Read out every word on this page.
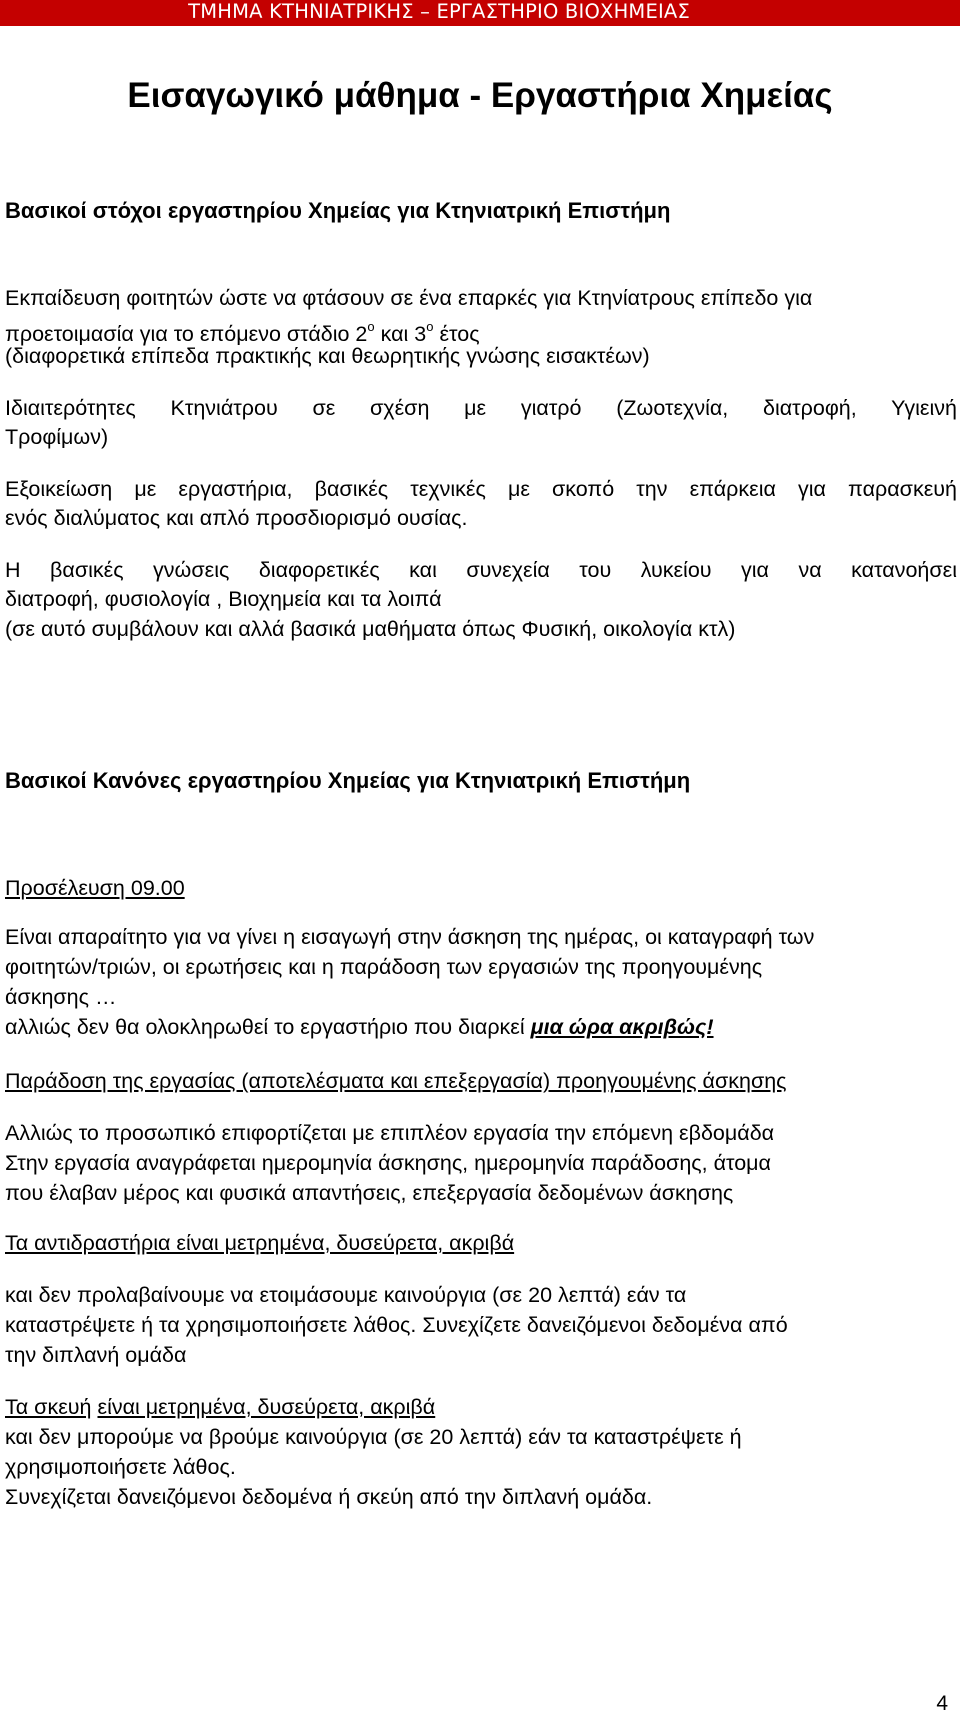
ΤΜΗΜΑ ΚΤΗΝΙΑΤΡΙΚΗΣ – ΕΡΓΑΣΤΗΡΙΟ ΒΙΟΧΗΜΕΙΑΣ
Εισαγωγικό μάθημα - Εργαστήρια Χημείας
Βασικοί στόχοι εργαστηρίου Χημείας για Κτηνιατρική Επιστήμη
Εκπαίδευση φοιτητών ώστε να φτάσουν σε ένα επαρκές για Κτηνίατρους επίπεδο για
προετοιμασία για το επόμενο στάδιο $2^o$ και $3^o$ έτος
(διαφορετικά επίπεδα πρακτικής και θεωρητικής γνώσης εισακτέων)
Ιδιαιτερότητες Κτηνιάτρου σε σχέση με γιατρό (Ζωοτεχνία, διατροφή, Υγιεινή
Τροφίμων)
Εξοικείωση με εργαστήρια, βασικές τεχνικές με σκοπό την επάρκεια για παρασκευή
ενός διαλύματος και απλό προσδιορισμό ουσίας.
Η βασικές γνώσεις διαφορετικές και συνεχεία του λυκείου για να κατανοήσει
διατροφή, φυσιολογία , Βιοχημεία και τα λοιπά
(σε αυτό συμβάλουν και αλλά βασικά μαθήματα όπως Φυσική, οικολογία κτλ)
Βασικοί Κανόνες εργαστηρίου Χημείας για Κτηνιατρική Επιστήμη
Προσέλευση 09.00
Είναι απαραίτητο για να γίνει η εισαγωγή στην άσκηση της ημέρας, οι καταγραφή των
φοιτητών/τριών, οι ερωτήσεις και η παράδοση των εργασιών της προηγουμένης
άσκησης …
αλλιώς δεν θα ολοκληρωθεί το εργαστήριο που διαρκεί μια ώρα ακριβώς!
Παράδοση της εργασίας (αποτελέσματα και επεξεργασία) προηγουμένης άσκησης
Αλλιώς το προσωπικό επιφορτίζεται με επιπλέον εργασία την επόμενη εβδομάδα
Στην εργασία αναγράφεται ημερομηνία άσκησης, ημερομηνία παράδοσης, άτομα
που έλαβαν μέρος και φυσικά απαντήσεις, επεξεργασία δεδομένων άσκησης
Τα αντιδραστήρια είναι μετρημένα, δυσεύρετα, ακριβά
και δεν προλαβαίνουμε να ετοιμάσουμε καινούργια (σε 20 λεπτά) εάν τα
καταστρέψετε ή τα χρησιμοποιήσετε λάθος. Συνεχίζετε δανειζόμενοι δεδομένα από
την διπλανή ομάδα
Τα σκευή είναι μετρημένα, δυσεύρετα, ακριβά
και δεν μπορούμε να βρούμε καινούργια (σε 20 λεπτά) εάν τα καταστρέψετε ή
χρησιμοποιήσετε λάθος.
Συνεχίζεται δανειζόμενοι δεδομένα ή σκεύη από την διπλανή ομάδα.
4
